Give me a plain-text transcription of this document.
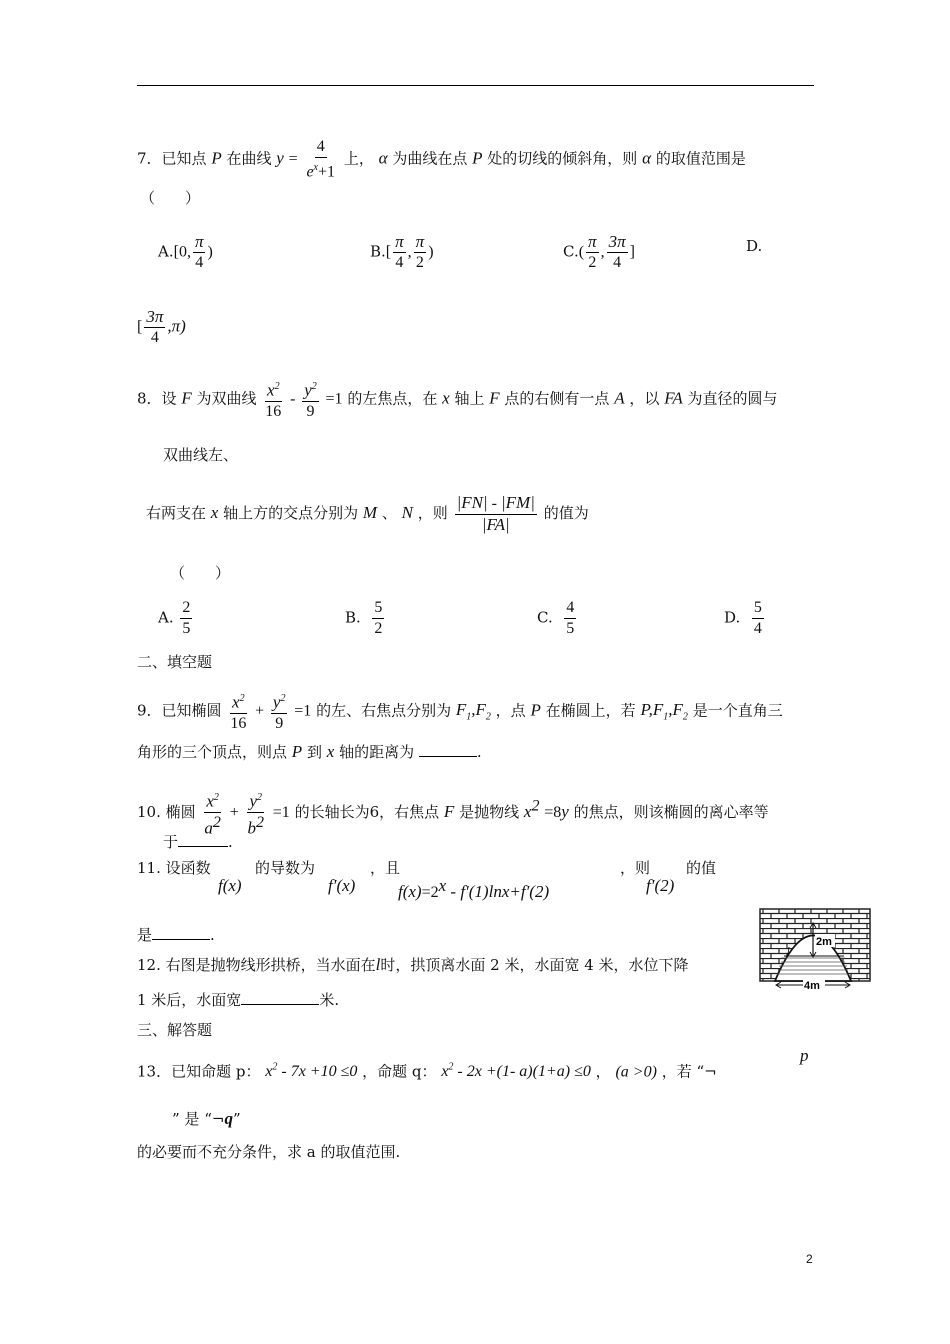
7．已知点 P 在曲线 $y = \frac{4}{e^x+1}$ 上， α 为曲线在点 P 处的切线的倾斜角，则 α 的取值范围是
（　　）
A.[0, $\frac{\pi}{4}$ )	$B.[ \frac{\pi}{4}$ , $\frac{\pi}{2}$ )	$C.( \frac{\pi}{2}$ , $\frac{3\pi}{4}$ ]	D.
[ $\frac{3\pi}{4} ,\pi$)
8．设 F 为双曲线 $\frac{x^2}{16} - \frac{y^2}{9} =1$ 的左焦点，在 x 轴上 F 点的右侧有一点 A ，以 FA 为直径的圆与
双曲线左、
右两支在 x 轴上方的交点分别为 M 、 N ，则 $\frac{|FN| - |FM|}{|FA|}$ 的值为
（　　）
A. $\frac{2}{5}$	B. $\frac{5}{2}$	C. $\frac{4}{5}$	D. $\frac{5}{4}$
二、填空题
9．已知椭圆 $\frac{x^2}{16} + \frac{y^2}{9} =1$ 的左、右焦点分别为 $F_1,F_2$ ，点 P 在椭圆上，若 $P,F_1,F_2$ 是一个直角三
角形的三个顶点，则点 P 到 x 轴的距离为	.
10. 椭圆 $\frac{x^2}{a^2} + \frac{y^2}{b^2} =1$ 的长轴长为6，右焦点 F 是抛物线 $x^2 =8y$ 的焦点，则该椭圆的离心率等
于	.
11. 设函数	的导数为	，且	，则 的值
f(x)	f′(x)	$f(x)=2^x - f'(1)\ln x+f'(2)$	f′(2)
是	.
12. 右图是抛物线形拱桥，当水面在l时，拱顶离水面 2 米，水面宽 4 米，水位下降
1 米后，水面宽	米.
2m
l
4m
三、解答题
13．已知命题 p： $x^2 - 7x +10 \le 0$ ，命题 q： $x^2 - 2x +(1-$ a)(1+a) ≤0 ， (a >0) ，若 “¬
p
” 是 “¬q”
的必要而不充分条件，求 a 的取值范围.
2
